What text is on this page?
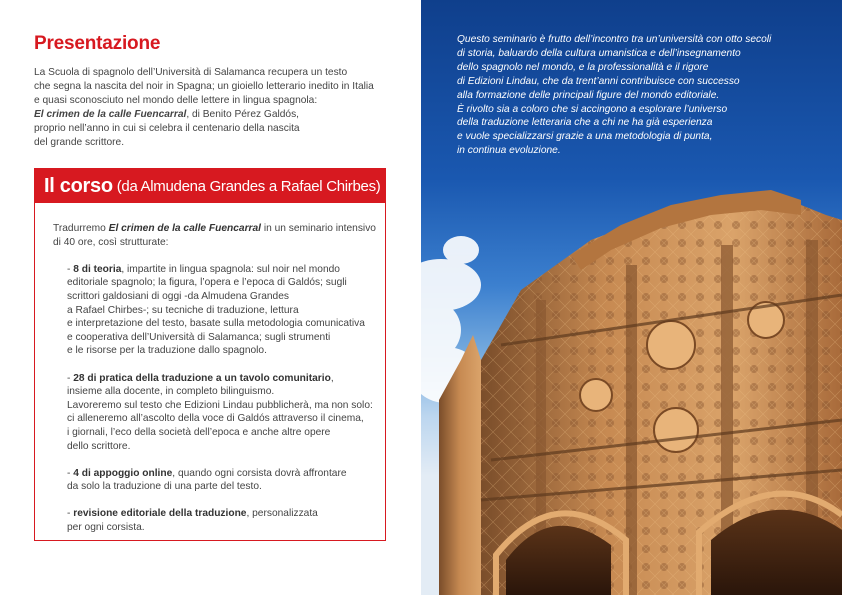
Presentazione
La Scuola di spagnolo dell’Università di Salamanca recupera un testo
che segna la nascita del noir in Spagna; un gioiello letterario inedito in Italia
e quasi sconosciuto nel mondo delle lettere in lingua spagnola:
El crimen de la calle Fuencarral, di Benito Pérez Galdós,
proprio nell’anno in cui si celebra il centenario della nascita
del grande scrittore.
Il corso (da Almudena Grandes a Rafael Chirbes)
Tradurremo El crimen de la calle Fuencarral in un seminario intensivo
di 40 ore, così strutturate:
- 8 di teoria, impartite in lingua spagnola: sul noir nel mondo
editoriale spagnolo; la figura, l’opera e l’epoca di Galdós; sugli
scrittori galdosiani di oggi -da Almudena Grandes
a Rafael Chirbes-; su tecniche di traduzione, lettura
e interpretazione del testo, basate sulla metodologia comunicativa
e cooperativa dell’Università di Salamanca; sugli strumenti
e le risorse per la traduzione dallo spagnolo.
- 28 di pratica della traduzione a un tavolo comunitario,
insieme alla docente, in completo bilinguismo.
Lavoreremo sul testo che Edizioni Lindau pubblicherà, ma non solo:
ci alleneremo all’ascolto della voce di Galdós attraverso il cinema,
i giornali, l’eco della società dell’epoca e anche altre opere
dello scrittore.
- 4 di appoggio online, quando ogni corsista dovrà affrontare
da solo la traduzione di una parte del testo.
- revisione editoriale della traduzione, personalizzata
per ogni corsista.
Questo seminario è frutto dell’incontro tra un’università con otto secoli
di storia, baluardo della cultura umanistica e dell’insegnamento
dello spagnolo nel mondo, e la professionalità e il rigore
di Edizioni Lindau, che da trent’anni contribuisce con successo
alla formazione delle principali figure del mondo editoriale.
È rivolto sia a coloro che si accingono a esplorare l’universo
della traduzione letteraria che a chi ne ha già esperienza
e vuole specializzarsi grazie a una metodologia di punta,
in continua evoluzione.
